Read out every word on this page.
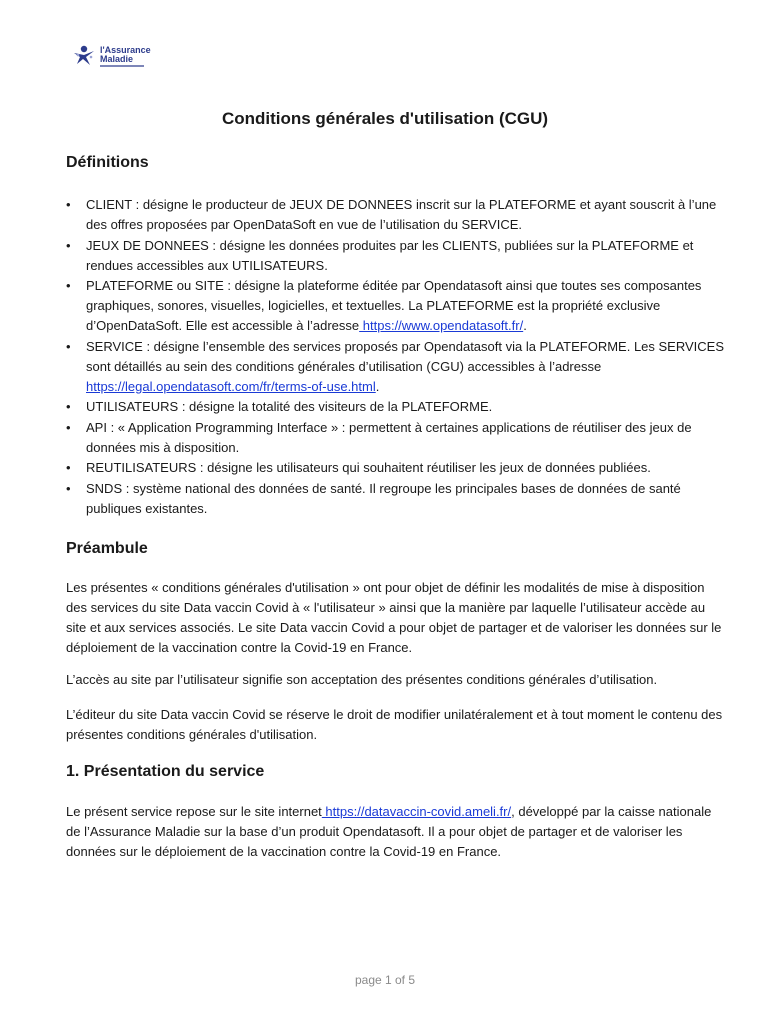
l'Assurance
Maladie
Conditions générales d'utilisation (CGU)
Définitions
• CLIENT : désigne le producteur de JEUX DE DONNEES inscrit sur la PLATEFORME et ayant souscrit à l’une des offres proposées par OpenDataSoft en vue de l’utilisation du SERVICE.
• JEUX DE DONNEES : désigne les données produites par les CLIENTS, publiées sur la PLATEFORME et rendues accessibles aux UTILISATEURS.
• PLATEFORME ou SITE : désigne la plateforme éditée par Opendatasoft ainsi que toutes ses composantes graphiques, sonores, visuelles, logicielles, et textuelles. La PLATEFORME est la propriété exclusive d’OpenDataSoft. Elle est accessible à l’adresse https://www.opendatasoft.fr/.
• SERVICE : désigne l’ensemble des services proposés par Opendatasoft via la PLATEFORME. Les SERVICES sont détaillés au sein des conditions générales d’utilisation (CGU) accessibles à l’adresse https://legal.opendatasoft.com/fr/terms-of-use.html.
• UTILISATEURS : désigne la totalité des visiteurs de la PLATEFORME.
• API : « Application Programming Interface » : permettent à certaines applications de réutiliser des jeux de données mis à disposition.
• REUTILISATEURS : désigne les utilisateurs qui souhaitent réutiliser les jeux de données publiées.
• SNDS : système national des données de santé. Il regroupe les principales bases de données de santé publiques existantes.
Préambule

Les présentes « conditions générales d'utilisation » ont pour objet de définir les modalités de mise à disposition des services du site Data vaccin Covid à « l'utilisateur » ainsi que la manière par laquelle l’utilisateur accède au site et aux services associés. Le site Data vaccin Covid a pour objet de partager et de valoriser les données sur le déploiement de la vaccination contre la Covid-19 en France.

L’accès au site par l’utilisateur signifie son acceptation des présentes conditions générales d’utilisation.

L’éditeur du site Data vaccin Covid se réserve le droit de modifier unilatéralement et à tout moment le contenu des présentes conditions générales d'utilisation.

1. Présentation du service

Le présent service repose sur le site internet https://datavaccin-covid.ameli.fr/, développé par la caisse nationale de l’Assurance Maladie sur la base d’un produit Opendatasoft. Il a pour objet de partager et de valoriser les données sur le déploiement de la vaccination contre la Covid-19 en France.

page 1 of 5
